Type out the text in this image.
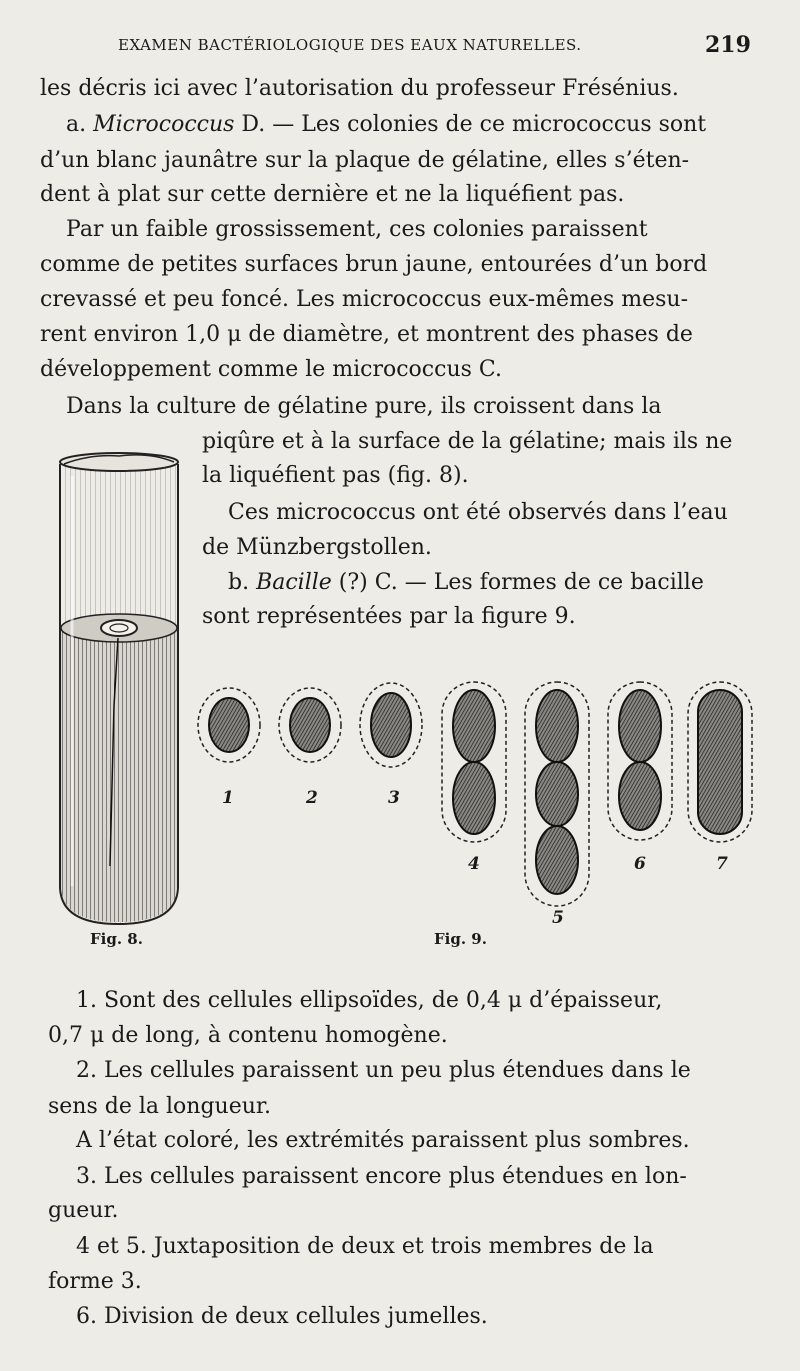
EXAMEN BACTÉRIOLOGIQUE DES EAUX NATURELLES.	219
les décris ici avec l’autorisation du professeur Frésénius.
a. Micrococcus D. — Les colonies de ce micrococcus sont
d’un blanc jaunâtre sur la plaque de gélatine, elles s’éten-
dent à plat sur cette dernière et ne la liquéfient pas.
Par un faible grossissement, ces colonies paraissent
comme de petites surfaces brun jaune, entourées d’un bord
crevassé et peu foncé. Les micrococcus eux-mêmes mesu-
rent environ 1,0 μ de diamètre, et montrent des phases de
développement comme le micrococcus C.
Dans la culture de gélatine pure, ils croissent dans la
piqûre et à la surface de la gélatine; mais ils ne
la liquéfient pas (fig. 8).
Ces micrococcus ont été observés dans l’eau
de Münzbergstollen.
b. Bacille (?) C. — Les formes de ce bacille
sont représentées par la figure 9.
Fig. 8.
1	2	3
4
5
6	7
Fig. 9.
1. Sont des cellules ellipsoïdes, de 0,4 μ d’épaisseur,
0,7 μ de long, à contenu homogène.
2. Les cellules paraissent un peu plus étendues dans le
sens de la longueur.
A l’état coloré, les extrémités paraissent plus sombres.
3. Les cellules paraissent encore plus étendues en lon-
gueur.
4 et 5. Juxtaposition de deux et trois membres de la
forme 3.
6. Division de deux cellules jumelles.
